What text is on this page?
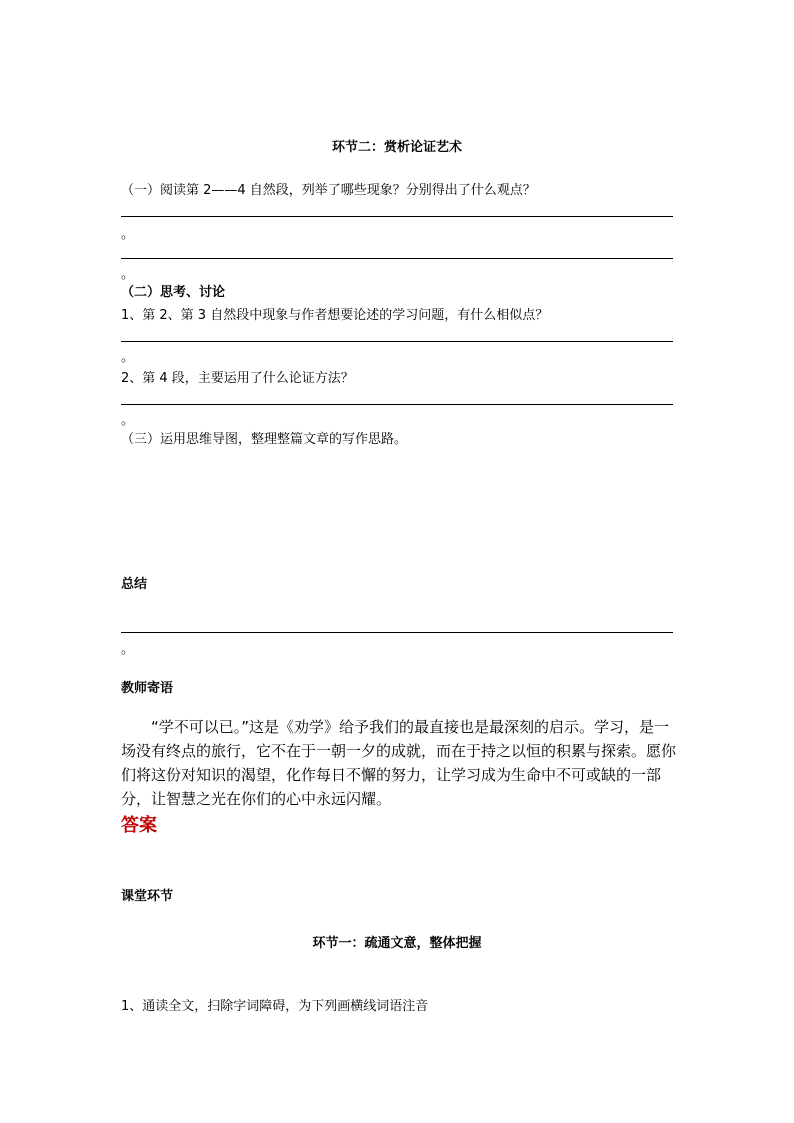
环节二：赏析论证艺术
（一）阅读第 2——4 自然段，列举了哪些现象？分别得出了什么观点？
。
。
（二）思考、讨论
1、第 2、第 3 自然段中现象与作者想要论述的学习问题，有什么相似点？
。
2、第 4 段，主要运用了什么论证方法？
。
（三）运用思维导图，整理整篇文章的写作思路。
总结
。
教师寄语
“学不可以已。”这是《劝学》给予我们的最直接也是最深刻的启示。学习，是一场没有终点的旅行，它不在于一朝一夕的成就，而在于持之以恒的积累与探索。愿你们将这份对知识的渴望，化作每日不懈的努力，让学习成为生命中不可或缺的一部分，让智慧之光在你们的心中永远闪耀。
答案
课堂环节
环节一：疏通文意，整体把握
1、通读全文，扫除字词障碍，为下列画横线词语注音
